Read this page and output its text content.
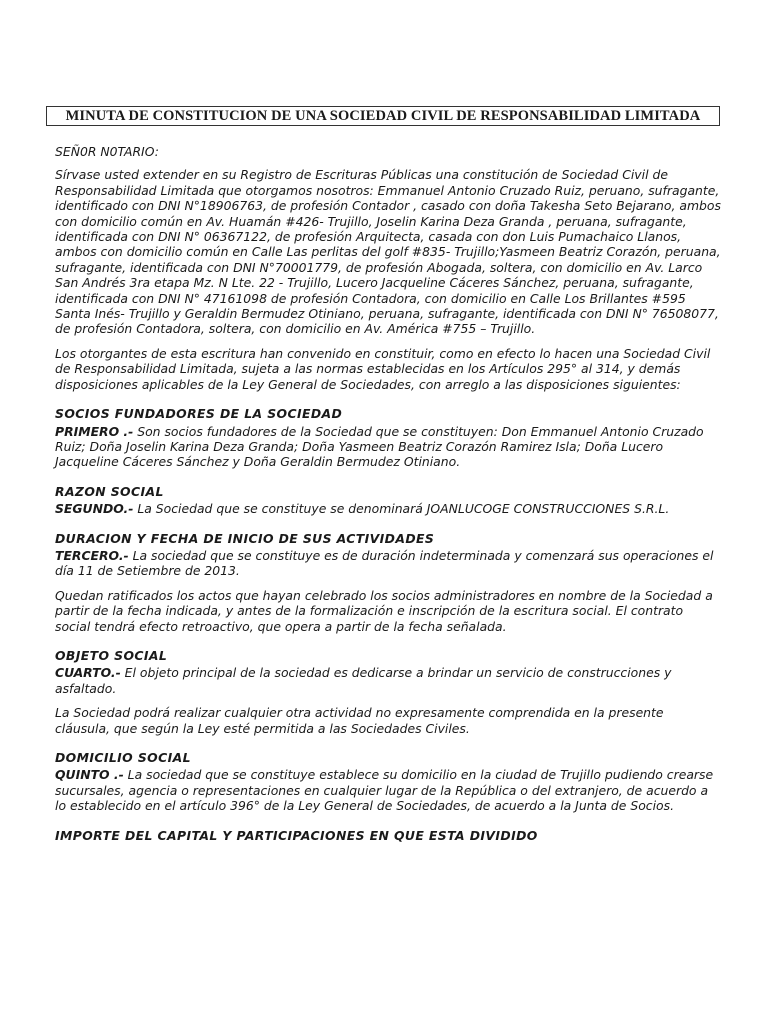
MINUTA DE CONSTITUCION DE UNA SOCIEDAD CIVIL DE RESPONSABILIDAD LIMITADA

SEÑ0R N0TARIO:

Sírvase usted extender en su Registro de Escrituras Públicas una constitución de Sociedad Civil de Responsabilidad Limitada que otorgamos nosotros: Emmanuel Antonio Cruzado Ruiz, peruano, sufragante, identificado con DNI N°18906763, de profesión Contador , casado con doña Takesha Seto Bejarano, ambos con domicilio común en Av. Huamán #426- Trujillo, Joselin Karina Deza Granda , peruana, sufragante, identificada con DNI N° 06367122, de profesión Arquitecta, casada con don Luis Pumachaico Llanos, ambos con domicilio común en Calle Las perlitas del golf #835- Trujillo;Yasmeen Beatriz Corazón, peruana, sufragante, identificada con DNI N°70001779, de profesión Abogada, soltera, con domicilio en Av. Larco San Andrés 3ra etapa Mz. N Lte. 22 - Trujillo, Lucero Jacqueline Cáceres Sánchez, peruana, sufragante, identificada con DNI N° 47161098 de profesión Contadora, con domicilio en Calle Los Brillantes #595 Santa Inés- Trujillo y Geraldin Bermudez Otiniano, peruana, sufragante, identificada con DNI N° 76508077, de profesión Contadora, soltera, con domicilio en Av. América #755 – Trujillo.

Los otorgantes de esta escritura han convenido en constituir, como en efecto lo hacen una Sociedad Civil de Responsabilidad Limitada, sujeta a las normas establecidas en los Artículos 295° al 314, y demás disposiciones aplicables de la Ley General de Sociedades, con arreglo a las disposiciones siguientes:

SOCIOS FUNDADORES DE LA SOCIEDAD

PRIMERO .- Son socios fundadores de la Sociedad que se constituyen: Don Emmanuel Antonio Cruzado Ruiz; Doña Joselin Karina Deza Granda; Doña Yasmeen Beatriz Corazón Ramirez Isla; Doña Lucero Jacqueline Cáceres Sánchez y Doña Geraldin Bermudez Otiniano.

RAZON SOCIAL

SEGUNDO.- La Sociedad que se constituye se denominará JOANLUCOGE CONSTRUCCIONES S.R.L.

DURACION Y FECHA DE INICIO DE SUS ACTIVIDADES

TERCERO.- La sociedad que se constituye es de duración indeterminada y comenzará sus operaciones el día 11 de Setiembre de 2013.

Quedan ratificados los actos que hayan celebrado los socios administradores en nombre de la Sociedad a partir de la fecha indicada, y antes de la formalización e inscripción de la escritura social. El contrato social tendrá efecto retroactivo, que opera a partir de la fecha señalada.

OBJETO SOCIAL

CUARTO.- El objeto principal de la sociedad es dedicarse a brindar un servicio de construcciones y asfaltado.

La Sociedad podrá realizar cualquier otra actividad no expresamente comprendida en la presente cláusula, que según la Ley esté permitida a las Sociedades Civiles.

DOMICILIO SOCIAL

QUINTO .- La sociedad que se constituye establece su domicilio en la ciudad de Trujillo pudiendo crearse sucursales, agencia o representaciones en cualquier lugar de la República o del extranjero, de acuerdo a lo establecido en el artículo 396° de la Ley General de Sociedades, de acuerdo a la Junta de Socios.

IMPORTE DEL CAPITAL Y PARTICIPACIONES EN QUE ESTA DIVIDIDO
